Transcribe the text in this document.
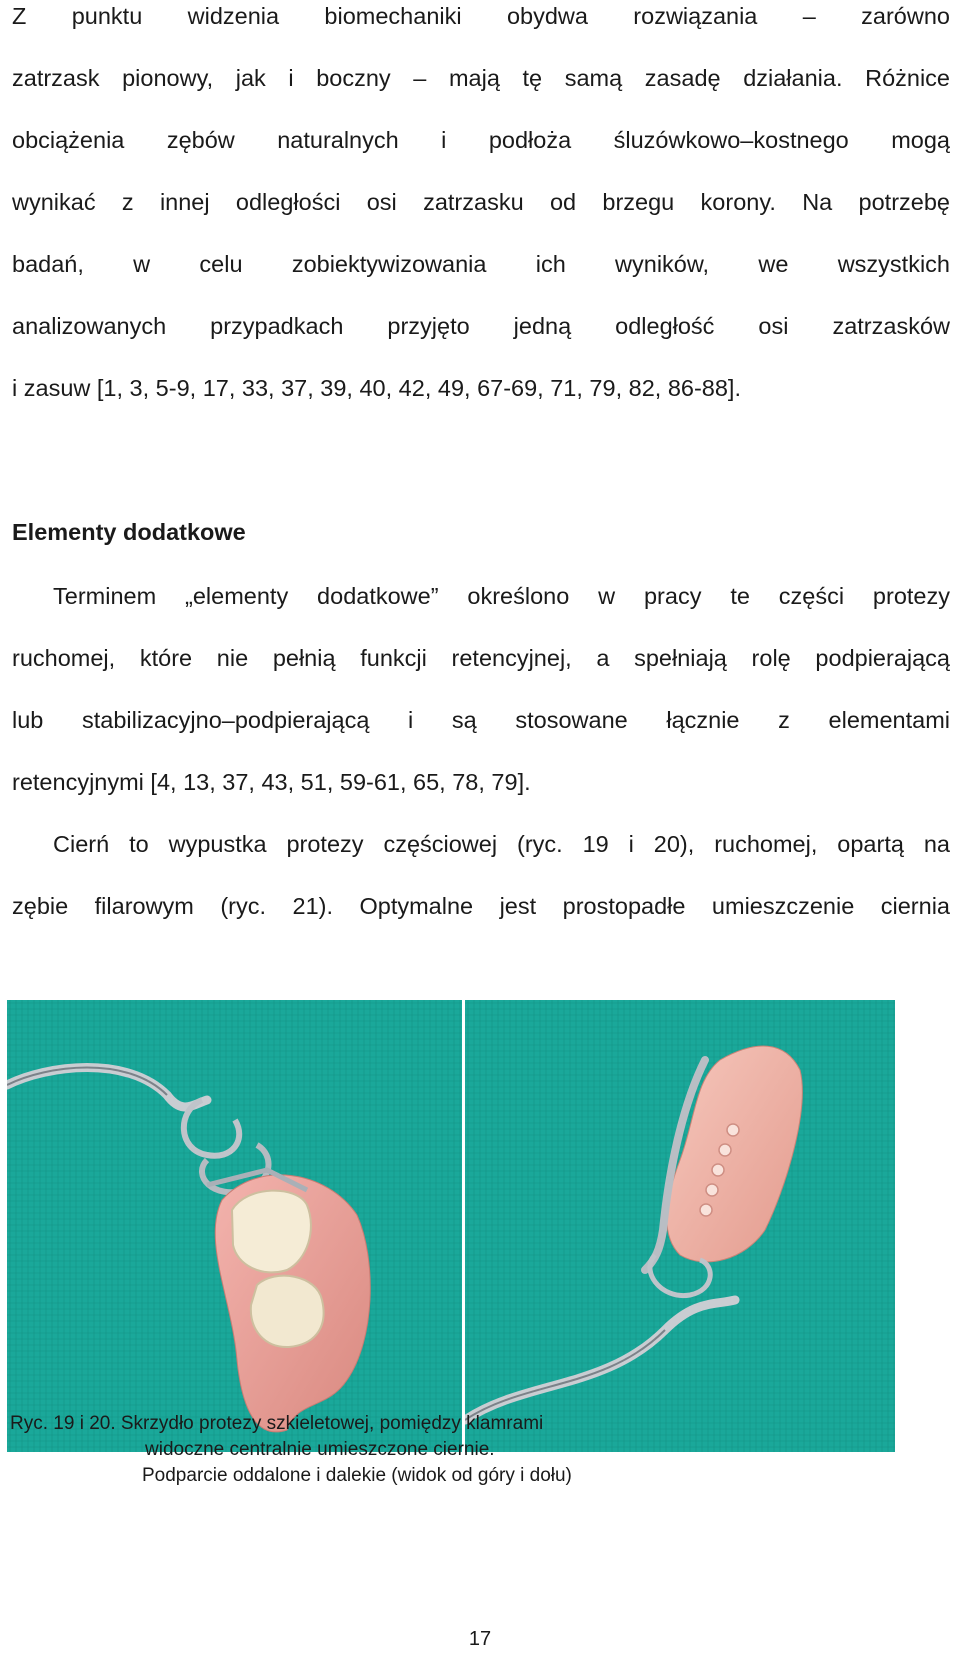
Z punktu widzenia biomechaniki obydwa rozwiązania – zarówno
zatrzask pionowy, jak i boczny – mają tę samą zasadę działania. Różnice
obciążenia zębów naturalnych i podłoża śluzówkowo–kostnego mogą
wynikać z innej odległości osi zatrzasku od brzegu korony. Na potrzebę
badań, w celu zobiektywizowania ich wyników, we wszystkich
analizowanych przypadkach przyjęto jedną odległość osi zatrzasków
i zasuw [1, 3, 5-9, 17, 33, 37, 39, 40, 42, 49, 67-69, 71, 79, 82, 86-88].
Elementy dodatkowe
Terminem „elementy dodatkowe” określono w pracy te części protezy
ruchomej, które nie pełnią funkcji retencyjnej, a spełniają rolę podpierającą
lub stabilizacyjno–podpierającą i są stosowane łącznie z elementami
retencyjnymi [4, 13, 37, 43, 51, 59-61, 65, 78, 79].
Cierń to wypustka protezy częściowej (ryc. 19 i 20), ruchomej, opartą na
zębie filarowym (ryc. 21). Optymalne jest prostopadłe umieszczenie ciernia
Ryc. 19 i 20. Skrzydło protezy szkieletowej, pomiędzy klamrami
widoczne centralnie umieszczone ciernie.
Podparcie oddalone i dalekie (widok od góry i dołu)
17
